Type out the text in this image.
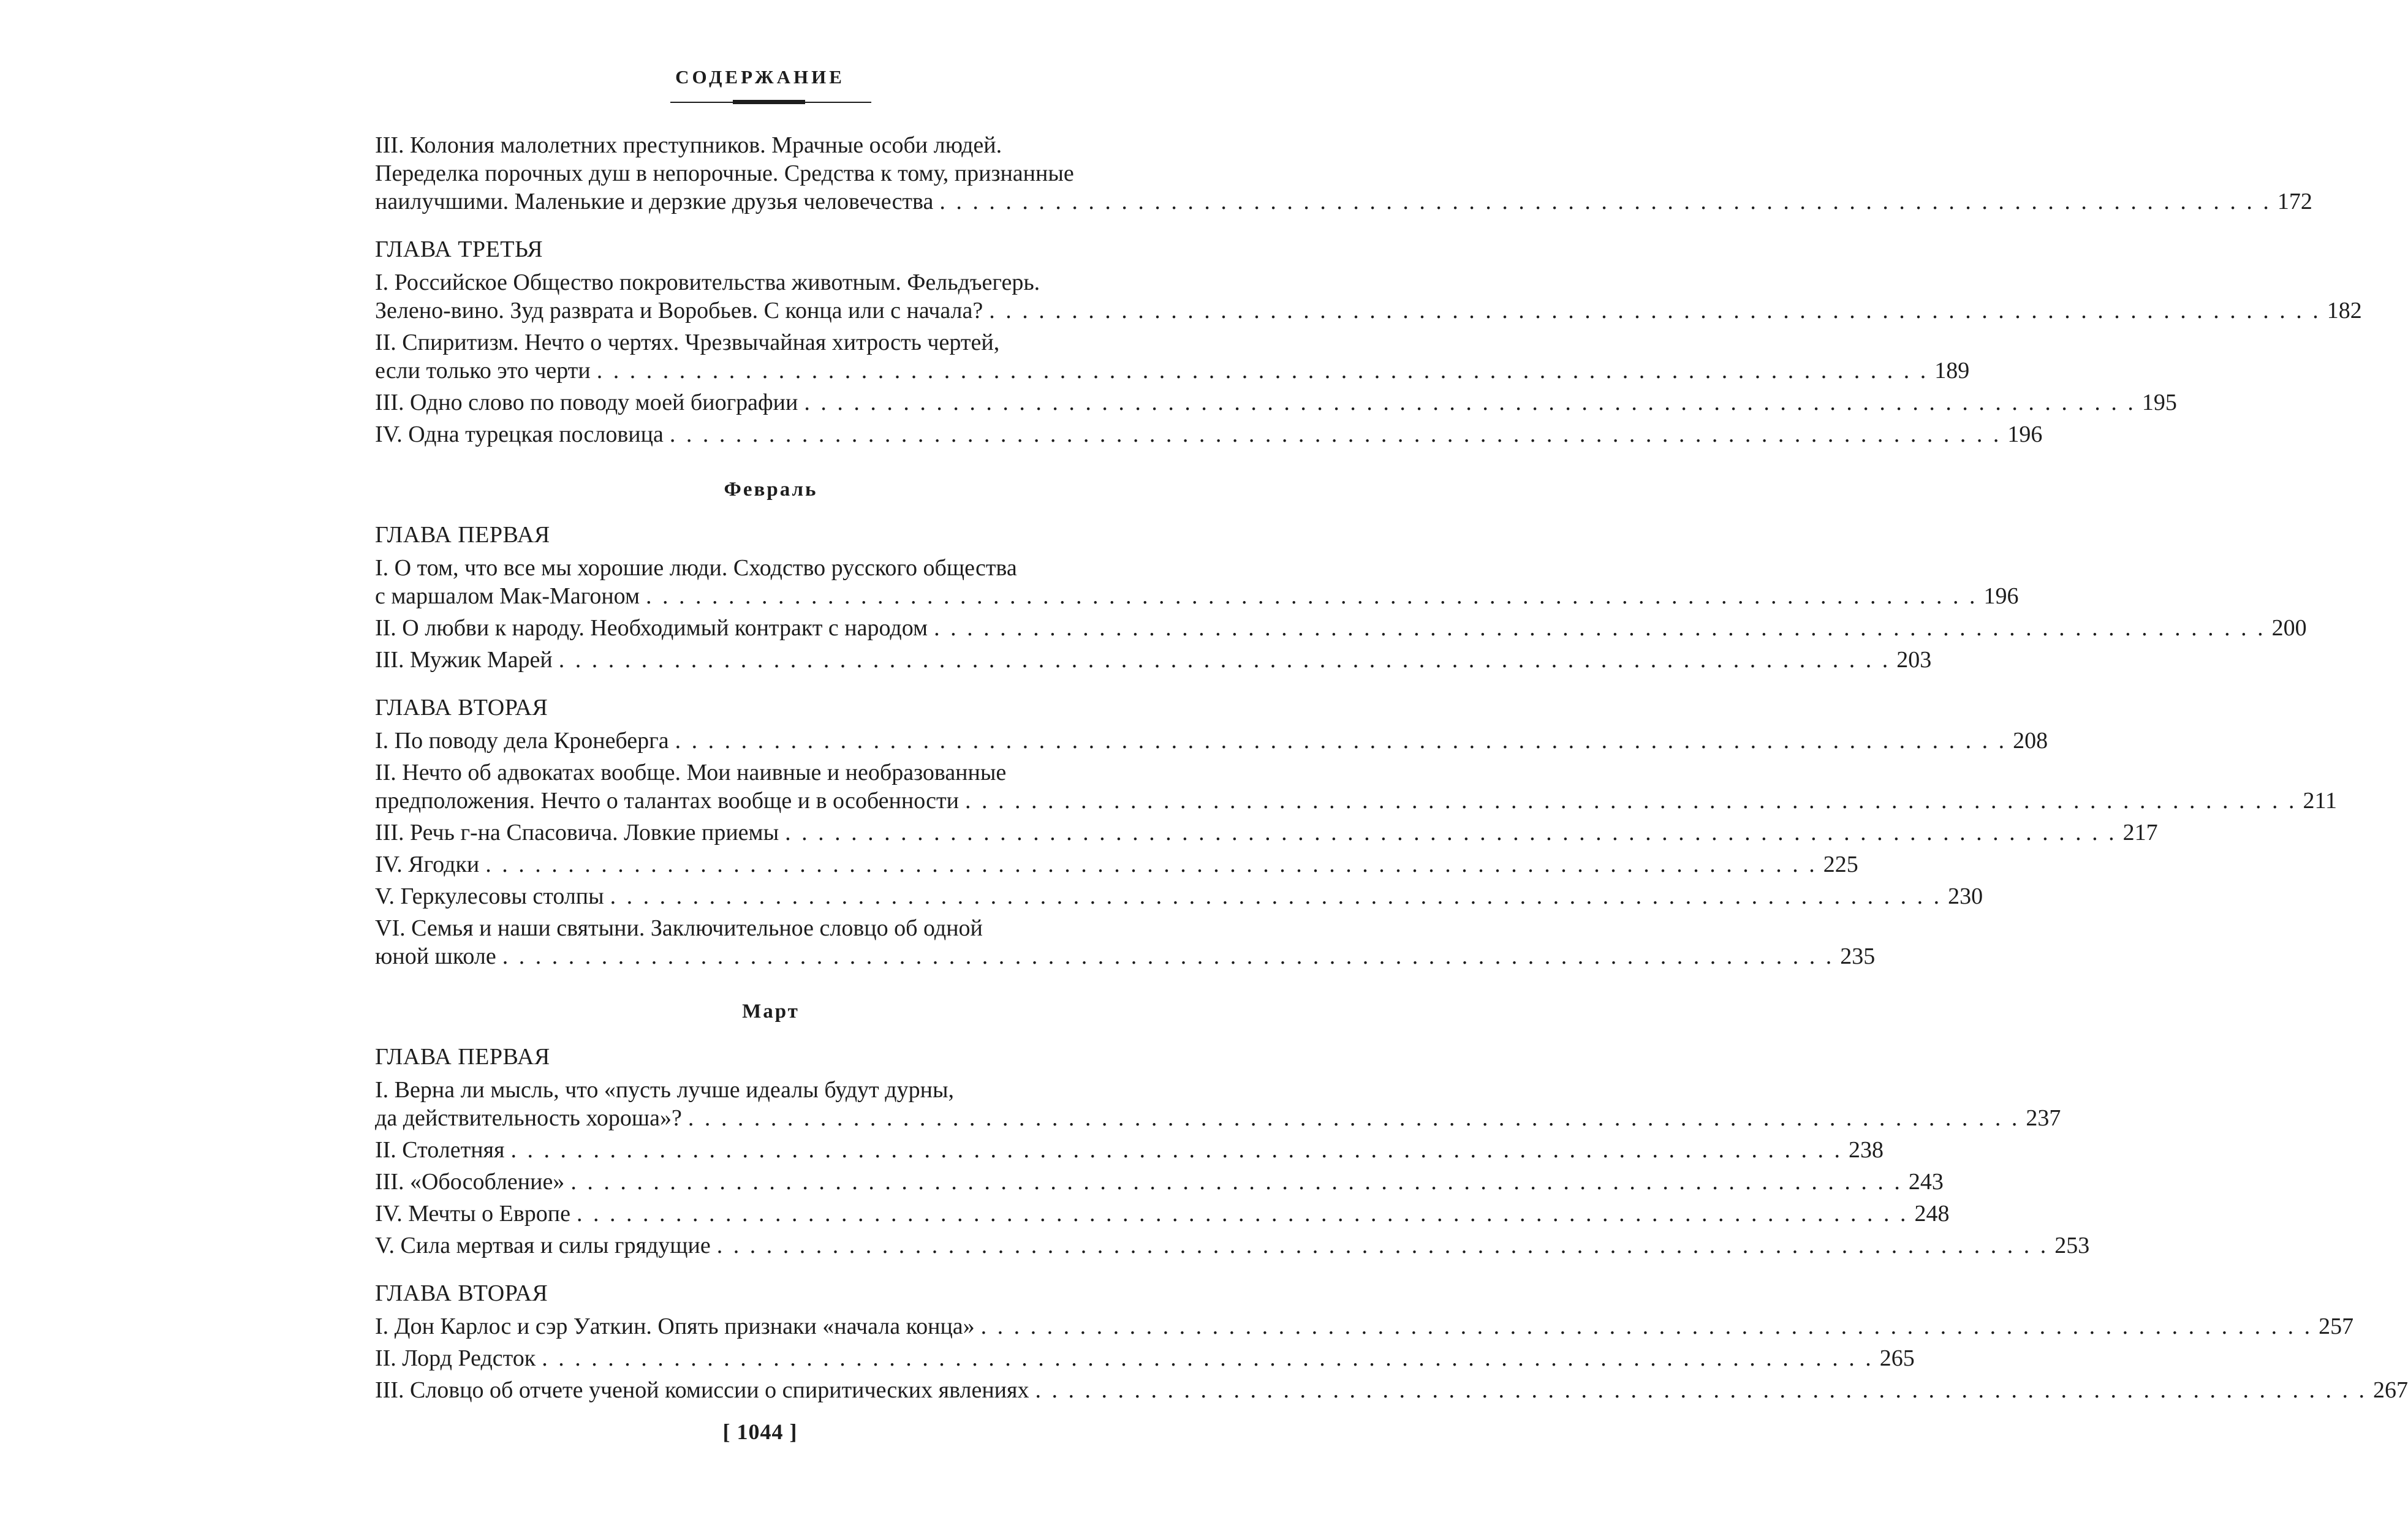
СОДЕРЖАНИЕ
III. Колония малолетних преступников. Мрачные особи людей.
Переделка порочных душ в непорочные. Средства к тому, признанные
наилучшими. Маленькие и дерзкие друзья человечества . . . . . . . . . . . . . . . . . . . . . . . . . . . . . . . . . . . . . . . . . . . . . . . . . . . . . . . . . . . . . . . . . . . . . . . . . . . . . . . . . 172
ГЛАВА ТРЕТЬЯ
I. Российское Общество покровительства животным. Фельдъегерь.
Зелено-вино. Зуд разврата и Воробьев. С конца или с начала? . . . . . . . . . . . . . . . . . . . . . . . . . . . . . . . . . . . . . . . . . . . . . . . . . . . . . . . . . . . . . . . . . . . . . . . . . . . . . . . . . 182
II. Спиритизм. Нечто о чертях. Чрезвычайная хитрость чертей,
если только это черти . . . . . . . . . . . . . . . . . . . . . . . . . . . . . . . . . . . . . . . . . . . . . . . . . . . . . . . . . . . . . . . . . . . . . . . . . . . . . . . . . 189
III. Одно слово по поводу моей биографии . . . . . . . . . . . . . . . . . . . . . . . . . . . . . . . . . . . . . . . . . . . . . . . . . . . . . . . . . . . . . . . . . . . . . . . . . . . . . . . . . 195
IV. Одна турецкая пословица . . . . . . . . . . . . . . . . . . . . . . . . . . . . . . . . . . . . . . . . . . . . . . . . . . . . . . . . . . . . . . . . . . . . . . . . . . . . . . . . . 196
Февраль
ГЛАВА ПЕРВАЯ
I. О том, что все мы хорошие люди. Сходство русского общества
с маршалом Мак-Магоном . . . . . . . . . . . . . . . . . . . . . . . . . . . . . . . . . . . . . . . . . . . . . . . . . . . . . . . . . . . . . . . . . . . . . . . . . . . . . . . . . 196
II. О любви к народу. Необходимый контракт с народом . . . . . . . . . . . . . . . . . . . . . . . . . . . . . . . . . . . . . . . . . . . . . . . . . . . . . . . . . . . . . . . . . . . . . . . . . . . . . . . . . 200
III. Мужик Марей . . . . . . . . . . . . . . . . . . . . . . . . . . . . . . . . . . . . . . . . . . . . . . . . . . . . . . . . . . . . . . . . . . . . . . . . . . . . . . . . . 203
ГЛАВА ВТОРАЯ
I. По поводу дела Кронеберга . . . . . . . . . . . . . . . . . . . . . . . . . . . . . . . . . . . . . . . . . . . . . . . . . . . . . . . . . . . . . . . . . . . . . . . . . . . . . . . . . 208
II. Нечто об адвокатах вообще. Мои наивные и необразованные
предположения. Нечто о талантах вообще и в особенности . . . . . . . . . . . . . . . . . . . . . . . . . . . . . . . . . . . . . . . . . . . . . . . . . . . . . . . . . . . . . . . . . . . . . . . . . . . . . . . . . 211
III. Речь г-на Спасовича. Ловкие приемы . . . . . . . . . . . . . . . . . . . . . . . . . . . . . . . . . . . . . . . . . . . . . . . . . . . . . . . . . . . . . . . . . . . . . . . . . . . . . . . . . 217
IV. Ягодки . . . . . . . . . . . . . . . . . . . . . . . . . . . . . . . . . . . . . . . . . . . . . . . . . . . . . . . . . . . . . . . . . . . . . . . . . . . . . . . . . 225
V. Геркулесовы столпы . . . . . . . . . . . . . . . . . . . . . . . . . . . . . . . . . . . . . . . . . . . . . . . . . . . . . . . . . . . . . . . . . . . . . . . . . . . . . . . . . 230
VI. Семья и наши святыни. Заключительное словцо об одной
юной школе . . . . . . . . . . . . . . . . . . . . . . . . . . . . . . . . . . . . . . . . . . . . . . . . . . . . . . . . . . . . . . . . . . . . . . . . . . . . . . . . . 235
Март
ГЛАВА ПЕРВАЯ
I. Верна ли мысль, что «пусть лучше идеалы будут дурны,
да действительность хороша»? . . . . . . . . . . . . . . . . . . . . . . . . . . . . . . . . . . . . . . . . . . . . . . . . . . . . . . . . . . . . . . . . . . . . . . . . . . . . . . . . . 237
II. Столетняя . . . . . . . . . . . . . . . . . . . . . . . . . . . . . . . . . . . . . . . . . . . . . . . . . . . . . . . . . . . . . . . . . . . . . . . . . . . . . . . . . 238
III. «Обособление» . . . . . . . . . . . . . . . . . . . . . . . . . . . . . . . . . . . . . . . . . . . . . . . . . . . . . . . . . . . . . . . . . . . . . . . . . . . . . . . . . 243
IV. Мечты о Европе . . . . . . . . . . . . . . . . . . . . . . . . . . . . . . . . . . . . . . . . . . . . . . . . . . . . . . . . . . . . . . . . . . . . . . . . . . . . . . . . . 248
V. Сила мертвая и силы грядущие . . . . . . . . . . . . . . . . . . . . . . . . . . . . . . . . . . . . . . . . . . . . . . . . . . . . . . . . . . . . . . . . . . . . . . . . . . . . . . . . . 253
ГЛАВА ВТОРАЯ
I. Дон Карлос и сэр Уаткин. Опять признаки «начала конца» . . . . . . . . . . . . . . . . . . . . . . . . . . . . . . . . . . . . . . . . . . . . . . . . . . . . . . . . . . . . . . . . . . . . . . . . . . . . . . . . . 257
II. Лорд Редсток . . . . . . . . . . . . . . . . . . . . . . . . . . . . . . . . . . . . . . . . . . . . . . . . . . . . . . . . . . . . . . . . . . . . . . . . . . . . . . . . . 265
III. Словцо об отчете ученой комиссии о спиритических явлениях . . . . . . . . . . . . . . . . . . . . . . . . . . . . . . . . . . . . . . . . . . . . . . . . . . . . . . . . . . . . . . . . . . . . . . . . . . . . . . . . . 267
[ 1044 ]
